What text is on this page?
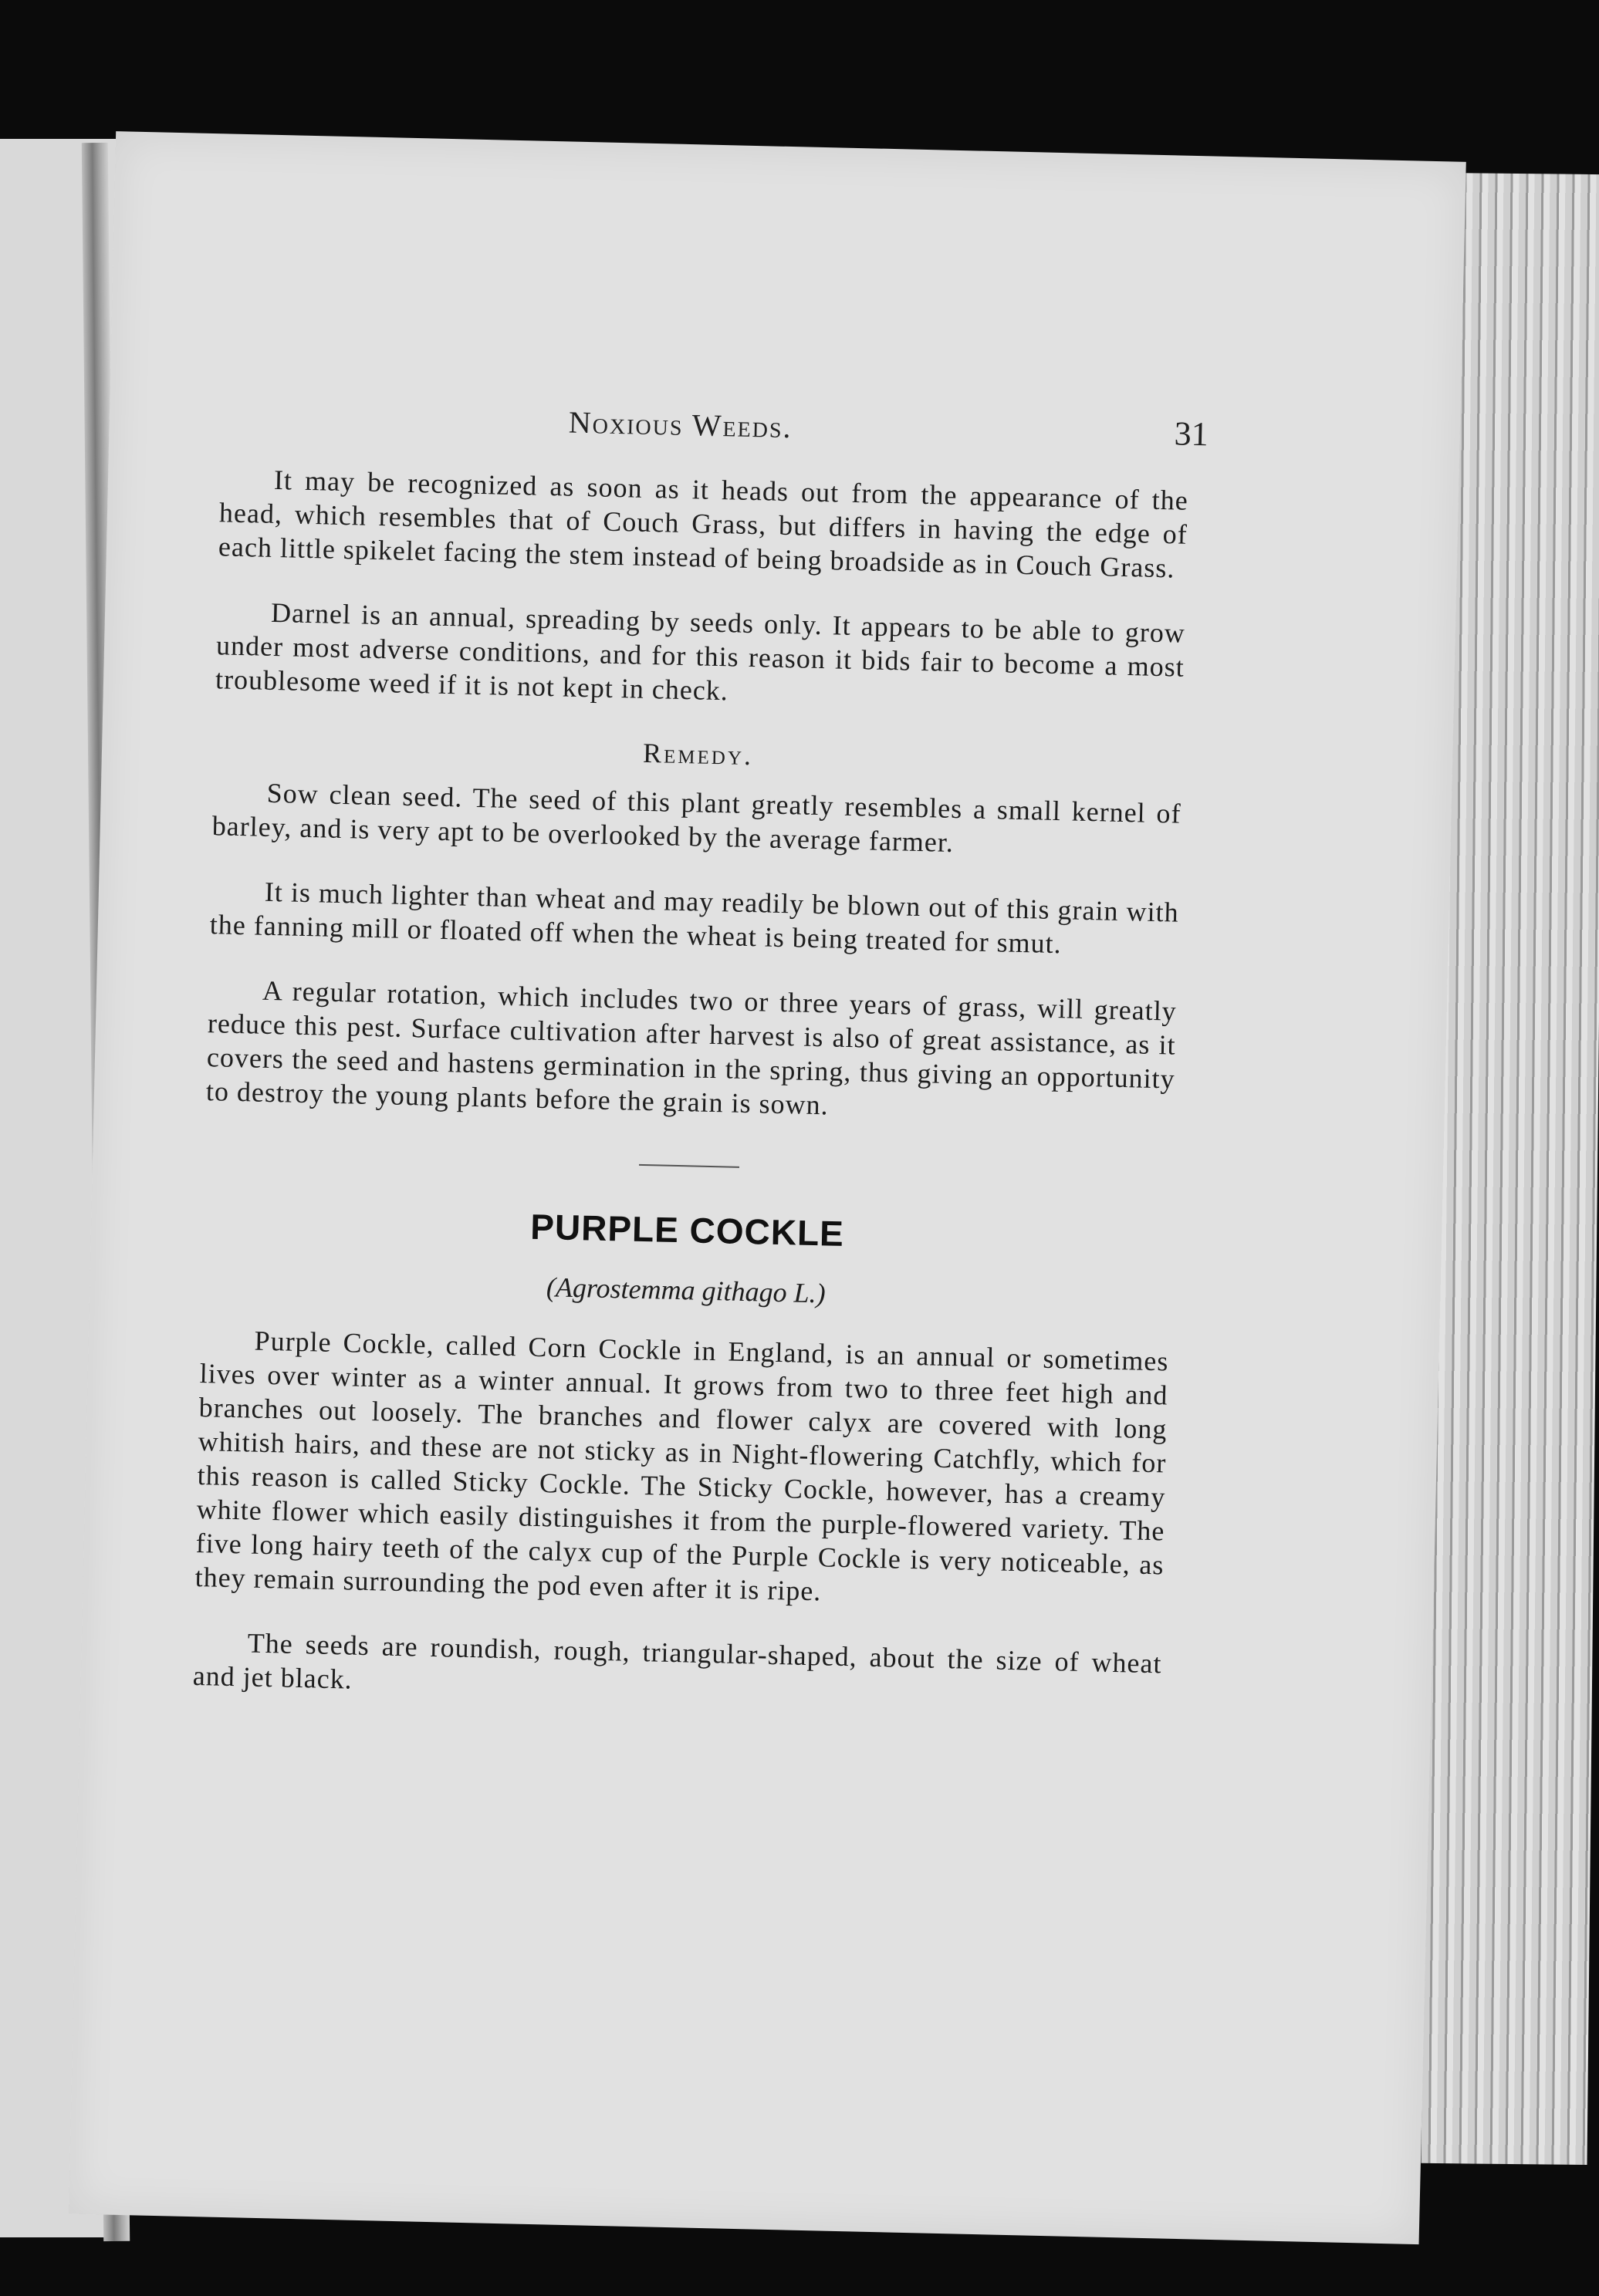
Noxious Weeds.	31

It may be recognized as soon as it heads out from the appearance of the head, which resembles that of Couch Grass, but differs in having the edge of each little spikelet facing the stem instead of being broadside as in Couch Grass.

Darnel is an annual, spreading by seeds only. It appears to be able to grow under most adverse conditions, and for this reason it bids fair to become a most troublesome weed if it is not kept in check.

Remedy.

Sow clean seed. The seed of this plant greatly resembles a small kernel of barley, and is very apt to be overlooked by the average farmer.

It is much lighter than wheat and may readily be blown out of this grain with the fanning mill or floated off when the wheat is being treated for smut.

A regular rotation, which includes two or three years of grass, will greatly reduce this pest. Surface cultivation after harvest is also of great assistance, as it covers the seed and hastens germination in the spring, thus giving an opportunity to destroy the young plants before the grain is sown.

PURPLE COCKLE
(Agrostemma githago L.)

Purple Cockle, called Corn Cockle in England, is an annual or sometimes lives over winter as a winter annual. It grows from two to three feet high and branches out loosely. The branches and flower calyx are covered with long whitish hairs, and these are not sticky as in Night-flowering Catchfly, which for this reason is called Sticky Cockle. The Sticky Cockle, however, has a creamy white flower which easily distinguishes it from the purple-flowered variety. The five long hairy teeth of the calyx cup of the Purple Cockle is very noticeable, as they remain surrounding the pod even after it is ripe.

The seeds are roundish, rough, triangular-shaped, about the size of wheat and jet black.
